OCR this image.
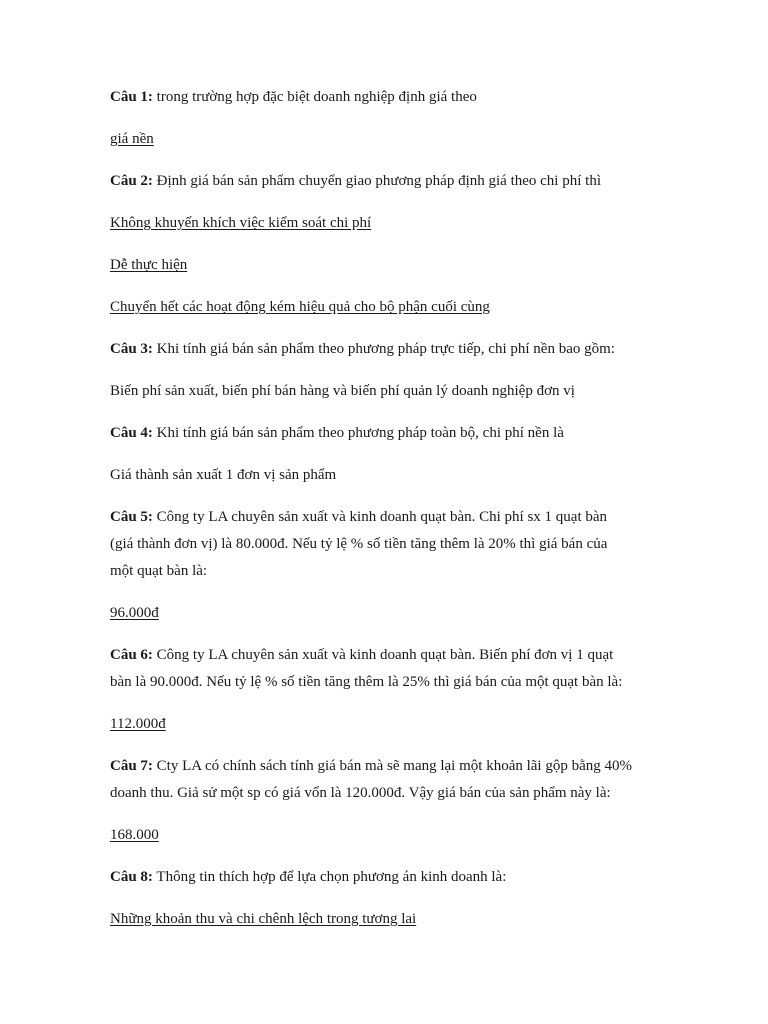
Câu 1: trong trường hợp đặc biệt doanh nghiệp định giá theo
giá nền
Câu 2: Định giá bán sản phẩm chuyển giao phương pháp định giá theo chi phí thì
Không khuyến khích việc kiểm soát chi phí
Dễ thực hiện
Chuyển hết các hoạt động kém hiệu quả cho bộ phận cuối cùng
Câu 3: Khi tính giá bán sản phẩm theo phương pháp trực tiếp, chi phí nền bao gồm:
Biến phí sản xuất, biến phí bán hàng và biến phí quản lý doanh nghiệp đơn vị
Câu 4: Khi tính giá bán sản phẩm theo phương pháp toàn bộ, chi phí nền là
Giá thành sản xuất 1 đơn vị sản phẩm
Câu 5: Công ty LA chuyên sản xuất và kinh doanh quạt bàn. Chi phí sx 1 quạt bàn
(giá thành đơn vị) là 80.000đ. Nếu tỷ lệ % số tiền tăng thêm là 20% thì giá bán của
một quạt bàn là:
96.000đ
Câu 6: Công ty LA chuyên sản xuất và kinh doanh quạt bàn. Biến phí đơn vị 1 quạt
bàn là 90.000đ. Nếu tỷ lệ % số tiền tăng thêm là 25% thì giá bán của một quạt bàn là:
112.000đ
Câu 7: Cty LA có chính sách tính giá bán mà sẽ mang lại một khoản lãi gộp bằng 40%
doanh thu. Giả sử một sp có giá vốn là 120.000đ. Vậy giá bán của sản phẩm này là:
168.000
Câu 8: Thông tin thích hợp để lựa chọn phương án kinh doanh là:
Những khoản thu và chi chênh lệch trong tương lai
